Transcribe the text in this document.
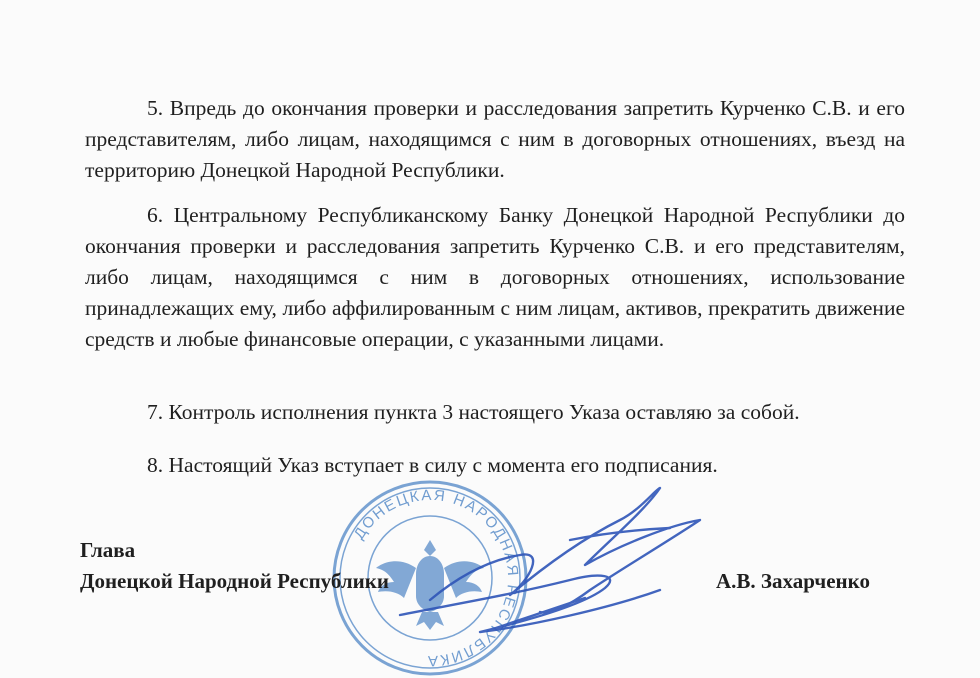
5. Впредь до окончания проверки и расследования запретить Курченко С.В. и его представителям, либо лицам, находящимся с ним в договорных отношениях, въезд на территорию Донецкой Народной Республики.

6. Центральному Республиканскому Банку Донецкой Народной Республики до окончания проверки и расследования запретить Курченко С.В. и его представителям, либо лицам, находящимся с ним в договорных отношениях, использование принадлежащих ему, либо аффилированным с ним лицам, активов, прекратить движение средств и любые финансовые операции, с указанными лицами.

7. Контроль исполнения пункта 3 настоящего Указа оставляю за собой.

8. Настоящий Указ вступает в силу с момента его подписания.

ДОНЕЦКАЯ НАРОДНАЯ РЕСПУБЛИКА
Глава
Донецкой Народной Республики	А.В. Захарченко
